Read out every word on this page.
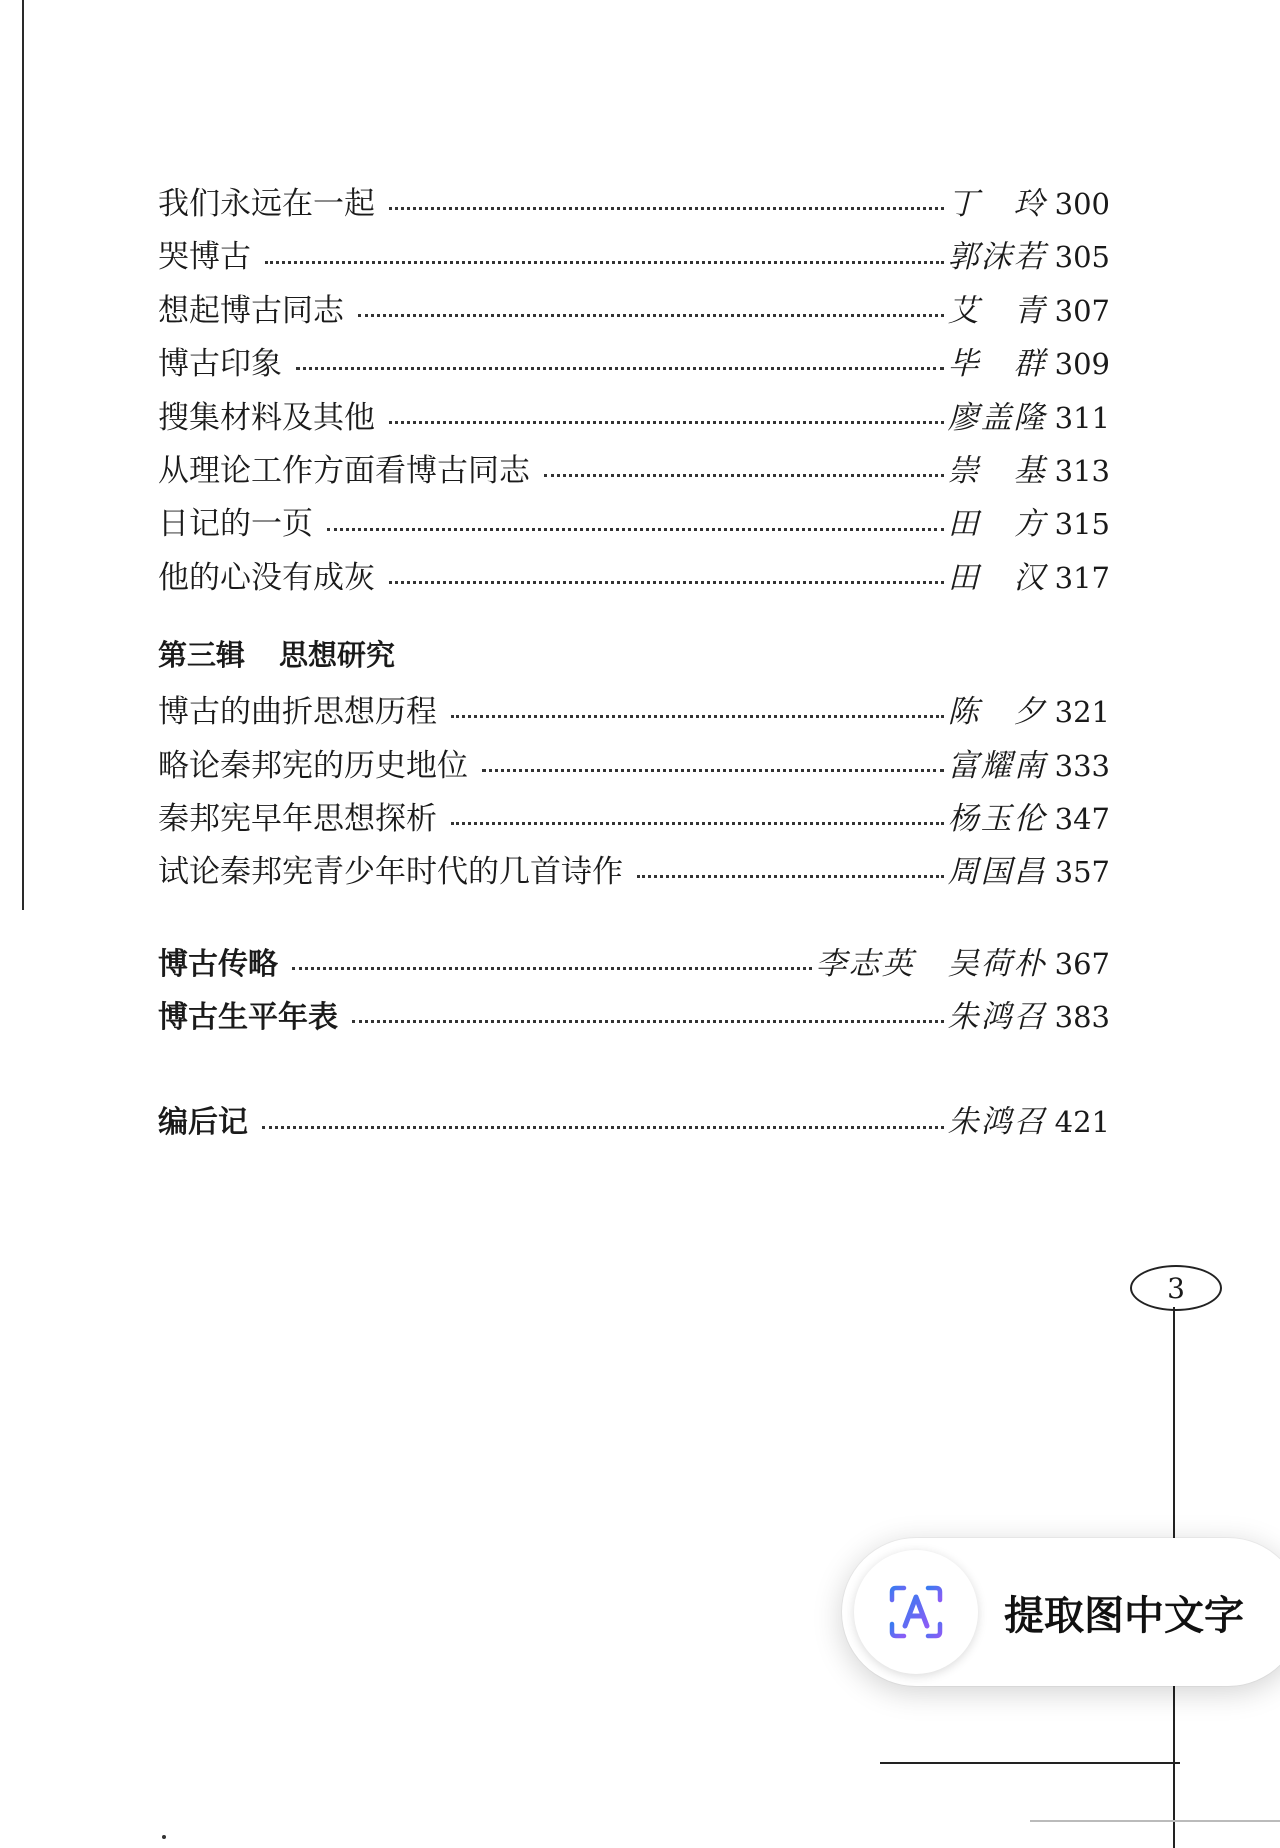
我们永远在一起	丁　玲 300
哭博古	郭沫若 305
想起博古同志	艾　青 307
博古印象	毕　群 309
搜集材料及其他	廖盖隆 311
从理论工作方面看博古同志	崇　基 313
日记的一页	田　方 315
他的心没有成灰	田　汉 317
第三辑 思想研究
博古的曲折思想历程	陈　夕 321
略论秦邦宪的历史地位	富耀南 333
秦邦宪早年思想探析	杨玉伦 347
试论秦邦宪青少年时代的几首诗作	周国昌 357
博古传略	李志英　吴荷朴 367
博古生平年表	朱鸿召 383
编后记	朱鸿召 421
3
提取图中文字
